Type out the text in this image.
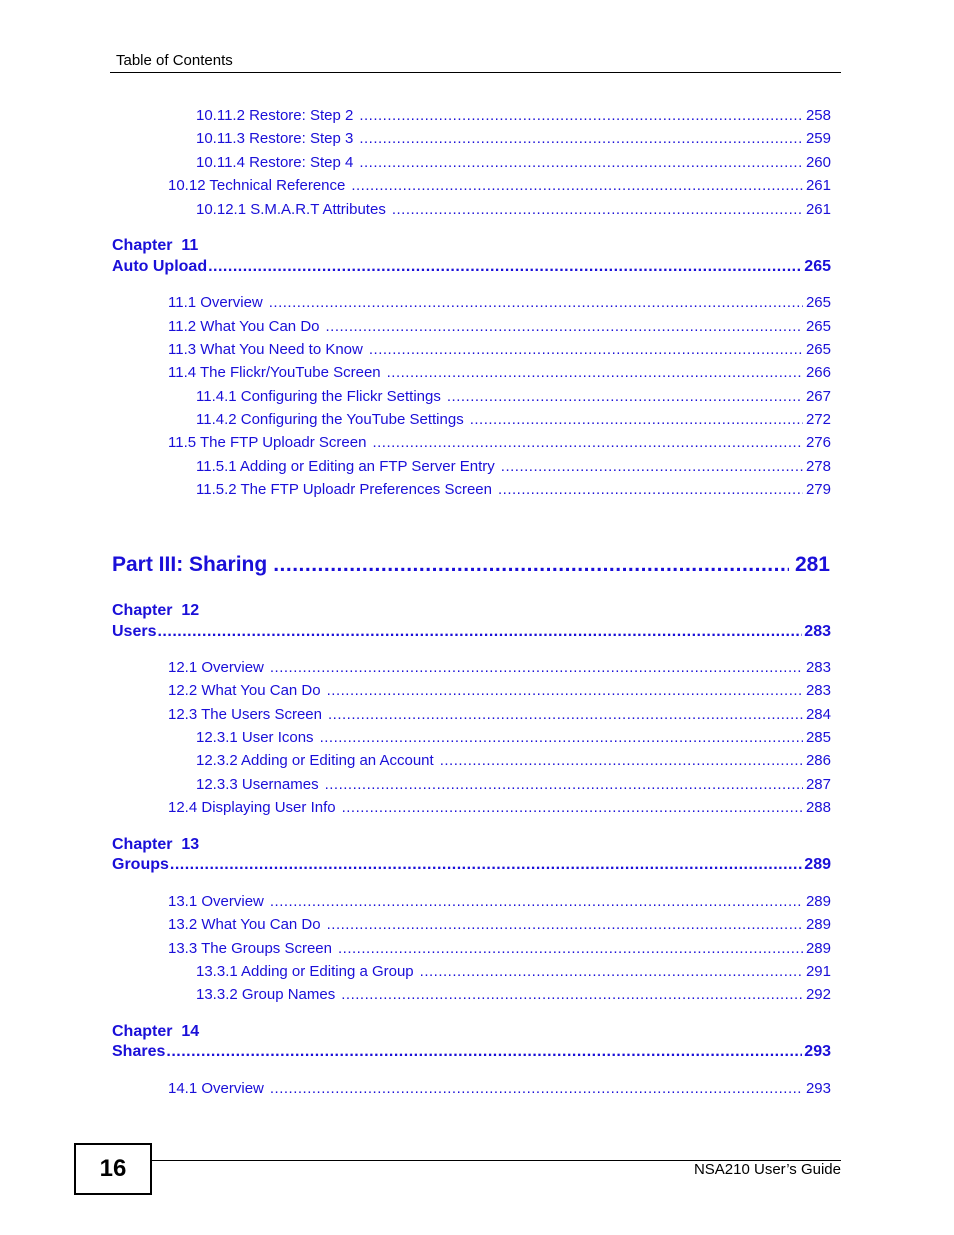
Table of Contents
10.11.2 Restore: Step 2 .....	258
10.11.3 Restore: Step 3 .....	259
10.11.4 Restore: Step 4 .....	260
10.12 Technical Reference .....	261
10.12.1 S.M.A.R.T Attributes .....	261
Chapter  11
Auto Upload .....	265
11.1 Overview .....	265
11.2 What You Can Do .....	265
11.3 What You Need to Know .....	265
11.4 The Flickr/YouTube Screen .....	266
11.4.1 Configuring the Flickr Settings .....	267
11.4.2 Configuring the YouTube Settings .....	272
11.5 The FTP Uploadr Screen .....	276
11.5.1 Adding or Editing an FTP Server Entry .....	278
11.5.2 The FTP Uploadr Preferences Screen .....	279
Part III: Sharing .....	281
Chapter  12
Users .....	283
12.1 Overview .....	283
12.2 What You Can Do .....	283
12.3 The Users Screen .....	284
12.3.1 User Icons .....	285
12.3.2 Adding or Editing an Account .....	286
12.3.3 Usernames .....	287
12.4 Displaying User Info .....	288
Chapter  13
Groups .....	289
13.1 Overview .....	289
13.2 What You Can Do .....	289
13.3 The Groups Screen .....	289
13.3.1 Adding or Editing a Group .....	291
13.3.2 Group Names .....	292
Chapter  14
Shares .....	293
14.1 Overview .....	293
16	NSA210 User’s Guide
